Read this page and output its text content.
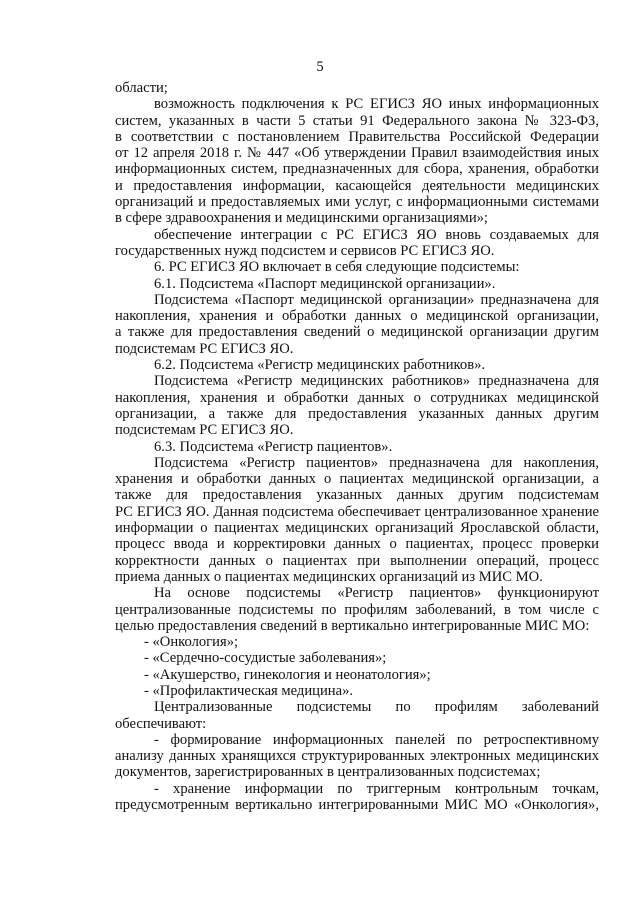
5
области;
возможность подключения к РС ЕГИСЗ ЯО иных информационных
систем, указанных в части 5 статьи 91 Федерального закона № 323-ФЗ,
в соответствии с постановлением Правительства Российской Федерации
от 12 апреля 2018 г. № 447 «Об утверждении Правил взаимодействия иных
информационных систем, предназначенных для сбора, хранения, обработки
и предоставления информации, касающейся деятельности медицинских
организаций и предоставляемых ими услуг, с информационными системами
в сфере здравоохранения и медицинскими организациями»;
обеспечение интеграции с РС ЕГИСЗ ЯО вновь создаваемых для
государственных нужд подсистем и сервисов РС ЕГИСЗ ЯО.
6. РС ЕГИСЗ ЯО включает в себя следующие подсистемы:
6.1. Подсистема «Паспорт медицинской организации».
Подсистема «Паспорт медицинской организации» предназначена для
накопления, хранения и обработки данных о медицинской организации,
а также для предоставления сведений о медицинской организации другим
подсистемам РС ЕГИСЗ ЯО.
6.2. Подсистема «Регистр медицинских работников».
Подсистема «Регистр медицинских работников» предназначена для
накопления, хранения и обработки данных о сотрудниках медицинской
организации, а также для предоставления указанных данных другим
подсистемам РС ЕГИСЗ ЯО.
6.3. Подсистема «Регистр пациентов».
Подсистема «Регистр пациентов» предназначена для накопления,
хранения и обработки данных о пациентах медицинской организации, а
также для предоставления указанных данных другим подсистемам
РС ЕГИСЗ ЯО. Данная подсистема обеспечивает централизованное хранение
информации о пациентах медицинских организаций Ярославской области,
процесс ввода и корректировки данных о пациентах, процесс проверки
корректности данных о пациентах при выполнении операций, процесс
приема данных о пациентах медицинских организаций из МИС МО.
На основе подсистемы «Регистр пациентов» функционируют
централизованные подсистемы по профилям заболеваний, в том числе с
целью предоставления сведений в вертикально интегрированные МИС МО:
- «Онкология»;
- «Сердечно-сосудистые заболевания»;
- «Акушерство, гинекология и неонатология»;
- «Профилактическая медицина».
Централизованные подсистемы по профилям заболеваний
обеспечивают:
- формирование информационных панелей по ретроспективному
анализу данных хранящихся структурированных электронных медицинских
документов, зарегистрированных в централизованных подсистемах;
- хранение информации по триггерным контрольным точкам,
предусмотренным вертикально интегрированными МИС МО «Онкология»,
